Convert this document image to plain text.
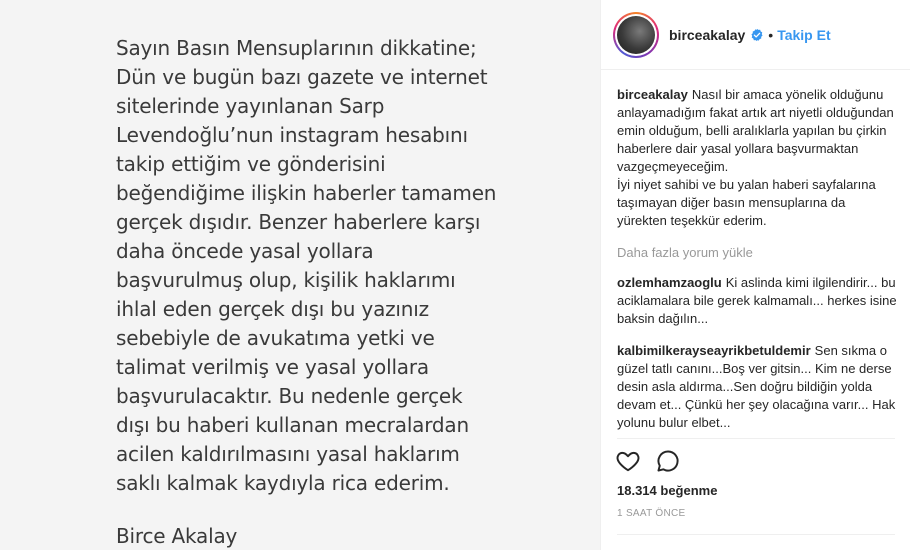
Sayın Basın Mensuplarının dikkatine;
Dün ve bugün bazı gazete ve internet
sitelerinde yayınlanan Sarp
Levendoğlu’nun instagram hesabını
takip ettiğim ve gönderisini
beğendiğime ilişkin haberler tamamen
gerçek dışıdır. Benzer haberlere karşı
daha öncede yasal yollara
başvurulmuş olup, kişilik haklarımı
ihlal eden gerçek dışı bu yazınız
sebebiyle de avukatıma yetki ve
talimat verilmiş ve yasal yollara
başvurulacaktır. Bu nedenle gerçek
dışı bu haberi kullanan mecralardan
acilen kaldırılmasını yasal haklarım
saklı kalmak kaydıyla rica ederim.
Birce Akalay
birceakalay • Takip Et
birceakalay Nasıl bir amaca yönelik olduğunu anlayamadığım fakat artık art niyetli olduğundan emin olduğum, belli aralıklarla yapılan bu çirkin haberlere dair yasal yollara başvurmaktan vazgeçmeyeceğim.
İyi niyet sahibi ve bu yalan haberi sayfalarına taşımayan diğer basın mensuplarına da yürekten teşekkür ederim.
Daha fazla yorum yükle
ozlemhamzaoglu Ki aslinda kimi ilgilendirir... bu aciklamalara bile gerek kalmamalı... herkes isine baksin dağılın...
kalbimilkerayseayrikbetuldemir Sen sıkma o güzel tatlı canını...Boş ver gitsin... Kim ne derse desin asla aldırma...Sen doğru bildiğin yolda devam et... Çünkü her şey olacağına varır... Hak yolunu bulur elbet...
18.314 beğenme
1 SAAT ÖNCE
